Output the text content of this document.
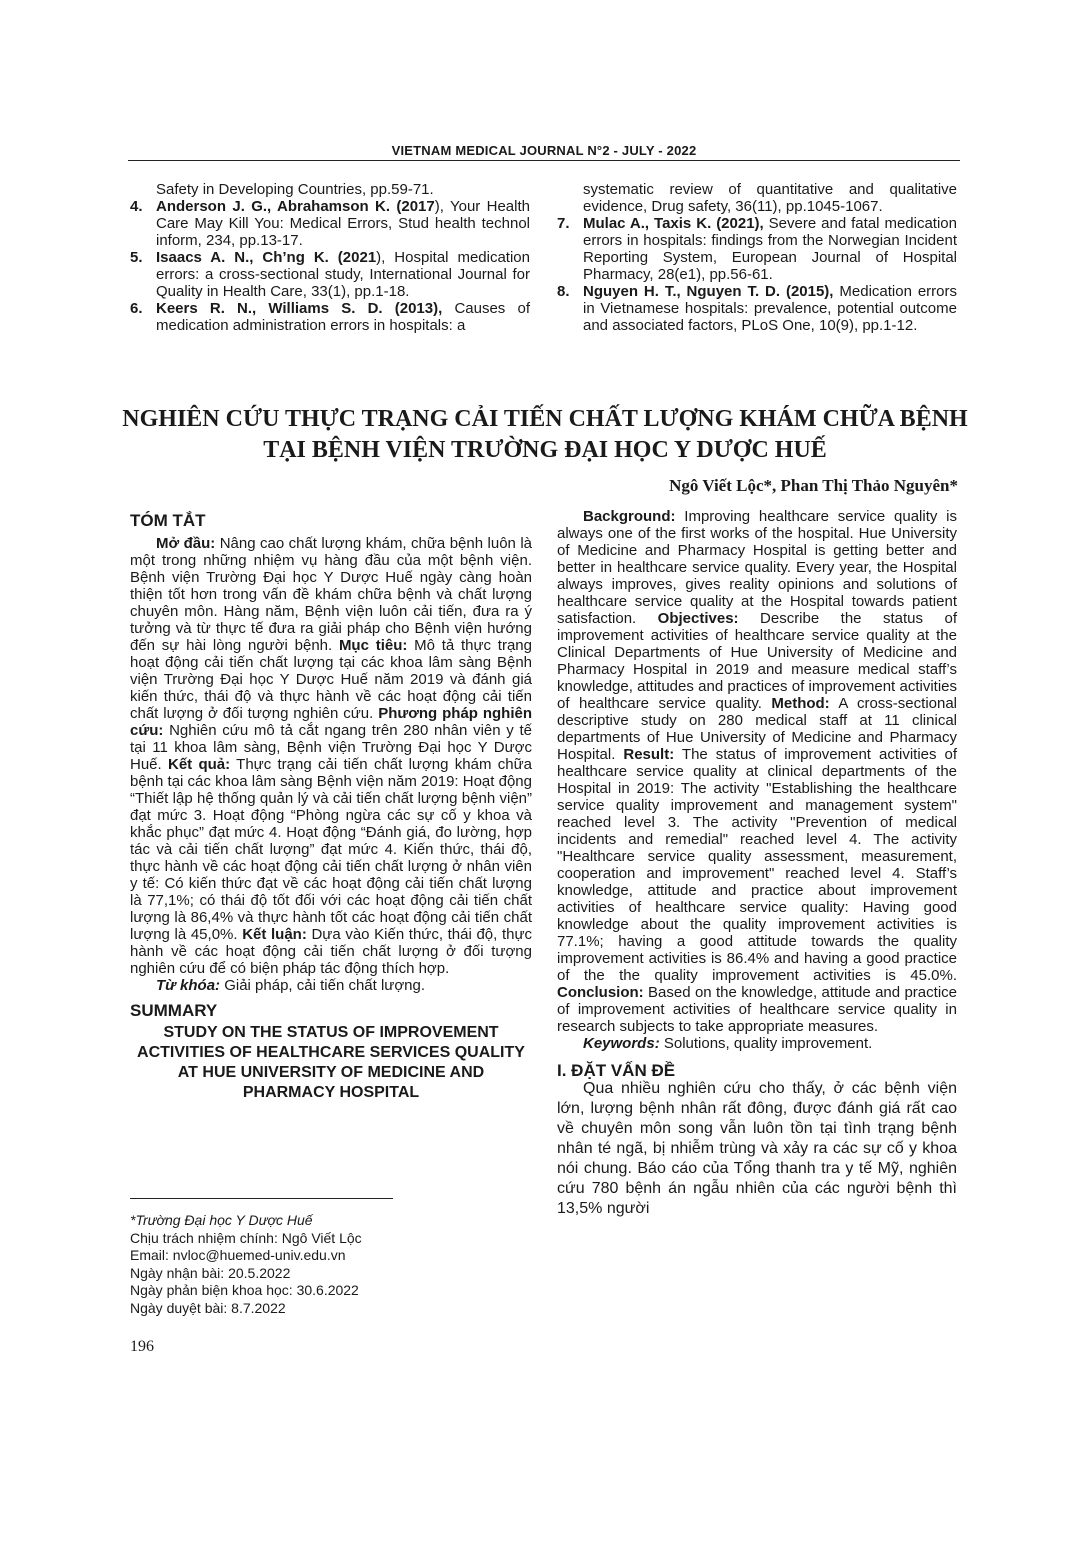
VIETNAM MEDICAL JOURNAL N°2 - JULY - 2022

Safety in Developing Countries, pp.59-71.

4. Anderson J. G., Abrahamson K. (2017), Your Health Care May Kill You: Medical Errors, Stud health technol inform, 234, pp.13-17.

5. Isaacs A. N., Ch’ng K. (2021), Hospital medication errors: a cross-sectional study, International Journal for Quality in Health Care, 33(1), pp.1-18.

6. Keers R. N., Williams S. D. (2013), Causes of medication administration errors in hospitals: a

systematic review of quantitative and qualitative evidence, Drug safety, 36(11), pp.1045-1067.

7. Mulac A., Taxis K. (2021), Severe and fatal medication errors in hospitals: findings from the Norwegian Incident Reporting System, European Journal of Hospital Pharmacy, 28(e1), pp.56-61.

8. Nguyen H. T., Nguyen T. D. (2015), Medication errors in Vietnamese hospitals: prevalence, potential outcome and associated factors, PLoS One, 10(9), pp.1-12.

NGHIÊN CỨU THỰC TRẠNG CẢI TIẾN CHẤT LƯỢNG KHÁM CHỮA BỆNH
TẠI BỆNH VIỆN TRƯỜNG ĐẠI HỌC Y DƯỢC HUẾ
Ngô Viết Lộc*, Phan Thị Thảo Nguyên*

TÓM TẮT

Mở đầu: Nâng cao chất lượng khám, chữa bệnh luôn là một trong những nhiệm vụ hàng đầu của một bệnh viện. Bệnh viện Trường Đại học Y Dược Huế ngày càng hoàn thiện tốt hơn trong vấn đề khám chữa bệnh và chất lượng chuyên môn. Hàng năm, Bệnh viện luôn cải tiến, đưa ra ý tưởng và từ thực tế đưa ra giải pháp cho Bệnh viện hướng đến sự hài lòng người bệnh. Mục tiêu: Mô tả thực trạng hoạt động cải tiến chất lượng tại các khoa lâm sàng Bệnh viện Trường Đại học Y Dược Huế năm 2019 và đánh giá kiến thức, thái độ và thực hành về các hoạt động cải tiến chất lượng ở đối tượng nghiên cứu. Phương pháp nghiên cứu: Nghiên cứu mô tả cắt ngang trên 280 nhân viên y tế tại 11 khoa lâm sàng, Bệnh viện Trường Đại học Y Dược Huế. Kết quả: Thực trạng cải tiến chất lượng khám chữa bệnh tại các khoa lâm sàng Bệnh viện năm 2019: Hoạt động “Thiết lập hệ thống quản lý và cải tiến chất lượng bệnh viện” đạt mức 3. Hoạt động “Phòng ngừa các sự cố y khoa và khắc phục” đạt mức 4. Hoạt động “Đánh giá, đo lường, hợp tác và cải tiến chất lượng” đạt mức 4. Kiến thức, thái độ, thực hành về các hoạt động cải tiến chất lượng ở nhân viên y tế: Có kiến thức đạt về các hoạt động cải tiến chất lượng là 77,1%; có thái độ tốt đối với các hoạt động cải tiến chất lượng là 86,4% và thực hành tốt các hoạt động cải tiến chất lượng là 45,0%. Kết luận: Dựa vào Kiến thức, thái độ, thực hành về các hoạt động cải tiến chất lượng ở đối tượng nghiên cứu để có biện pháp tác động thích hợp.

Từ khóa: Giải pháp, cải tiến chất lượng.

SUMMARY

STUDY ON THE STATUS OF IMPROVEMENT ACTIVITIES OF HEALTHCARE SERVICES QUALITY AT HUE UNIVERSITY OF MEDICINE AND PHARMACY HOSPITAL

*Trường Đại học Y Dược Huế
Chịu trách nhiệm chính: Ngô Viết Lộc
Email: nvloc@huemed-univ.edu.vn
Ngày nhận bài: 20.5.2022
Ngày phản biện khoa học: 30.6.2022
Ngày duyệt bài: 8.7.2022
196

Background: Improving healthcare service quality is always one of the first works of the hospital. Hue University of Medicine and Pharmacy Hospital is getting better and better in healthcare service quality. Every year, the Hospital always improves, gives reality opinions and solutions of healthcare service quality at the Hospital towards patient satisfaction. Objectives: Describe the status of improvement activities of healthcare service quality at the Clinical Departments of Hue University of Medicine and Pharmacy Hospital in 2019 and measure medical staff’s knowledge, attitudes and practices of improvement activities of healthcare service quality. Method: A cross-sectional descriptive study on 280 medical staff at 11 clinical departments of Hue University of Medicine and Pharmacy Hospital. Result: The status of improvement activities of healthcare service quality at clinical departments of the Hospital in 2019: The activity "Establishing the healthcare service quality improvement and management system" reached level 3. The activity "Prevention of medical incidents and remedial" reached level 4. The activity "Healthcare service quality assessment, measurement, cooperation and improvement" reached level 4. Staff’s knowledge, attitude and practice about improvement activities of healthcare service quality: Having good knowledge about the quality improvement activities is 77.1%; having a good attitude towards the quality improvement activities is 86.4% and having a good practice of the the quality improvement activities is 45.0%. Conclusion: Based on the knowledge, attitude and practice of improvement activities of healthcare service quality in research subjects to take appropriate measures.

Keywords: Solutions, quality improvement.

I. ĐẶT VẤN ĐỀ

Qua nhiều nghiên cứu cho thấy, ở các bệnh viện lớn, lượng bệnh nhân rất đông, được đánh giá rất cao về chuyên môn song vẫn luôn tồn tại tình trạng bệnh nhân té ngã, bị nhiễm trùng và xảy ra các sự cố y khoa nói chung. Báo cáo của Tổng thanh tra y tế Mỹ, nghiên cứu 780 bệnh án ngẫu nhiên của các người bệnh thì 13,5% người
